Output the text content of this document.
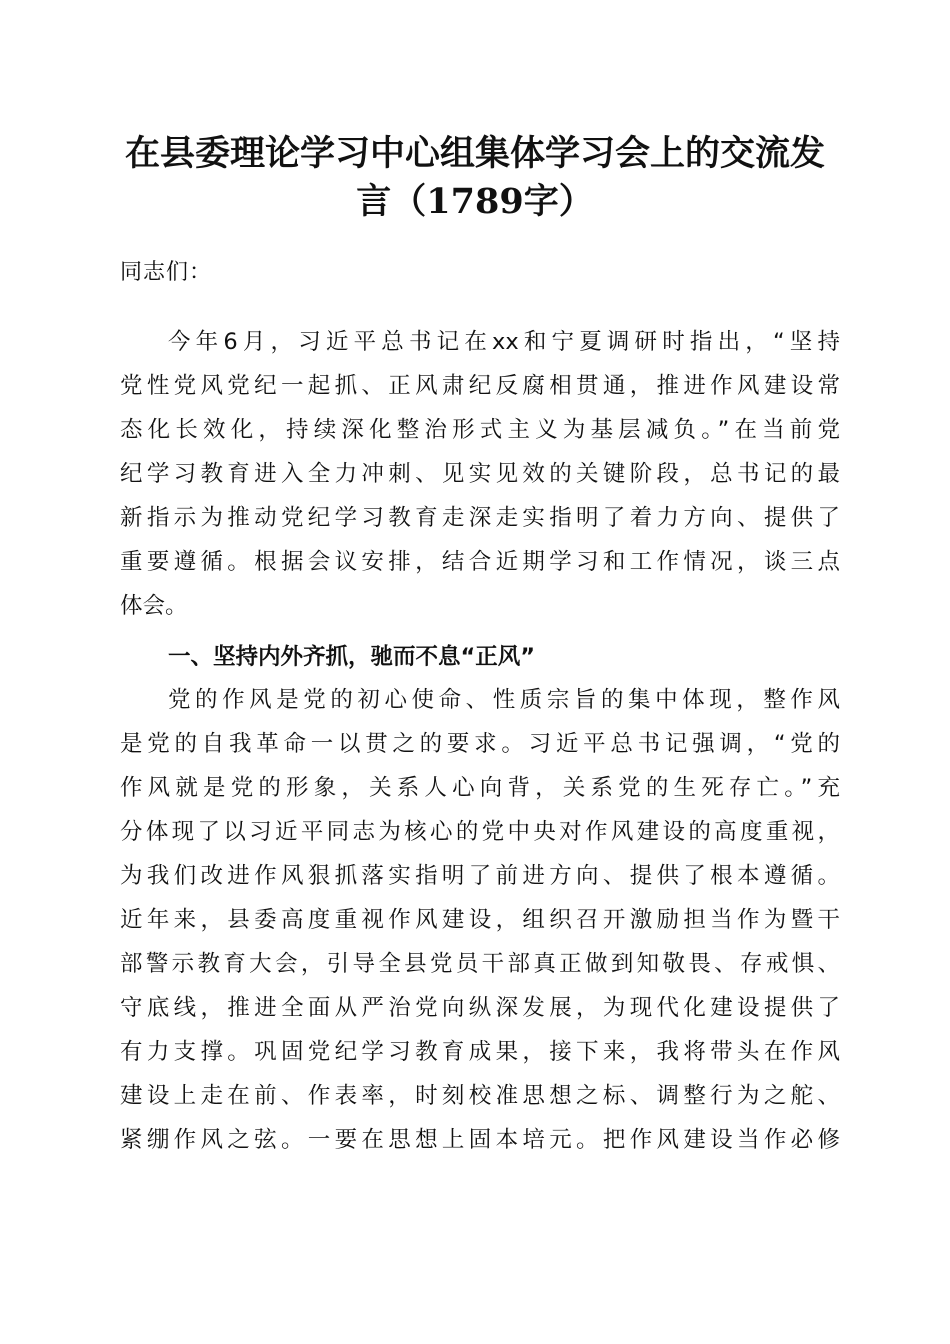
在县委理论学习中心组集体学习会上的交流发
言（1789字）
同志们：
今年6月，习近平总书记在xx和宁夏调研时指出，“坚持
党性党风党纪一起抓、正风肃纪反腐相贯通，推进作风建设常
态化长效化，持续深化整治形式主义为基层减负。”在当前党
纪学习教育进入全力冲刺、见实见效的关键阶段，总书记的最
新指示为推动党纪学习教育走深走实指明了着力方向、提供了
重要遵循。根据会议安排，结合近期学习和工作情况，谈三点
体会。
一、坚持内外齐抓，驰而不息“正风”
党的作风是党的初心使命、性质宗旨的集中体现，整作风
是党的自我革命一以贯之的要求。习近平总书记强调，“党的
作风就是党的形象，关系人心向背，关系党的生死存亡。”充
分体现了以习近平同志为核心的党中央对作风建设的高度重视，
为我们改进作风狠抓落实指明了前进方向、提供了根本遵循。
近年来，县委高度重视作风建设，组织召开激励担当作为暨干
部警示教育大会，引导全县党员干部真正做到知敬畏、存戒惧、
守底线，推进全面从严治党向纵深发展，为现代化建设提供了
有力支撑。巩固党纪学习教育成果，接下来，我将带头在作风
建设上走在前、作表率，时刻校准思想之标、调整行为之舵、
紧绷作风之弦。一要在思想上固本培元。把作风建设当作必修
